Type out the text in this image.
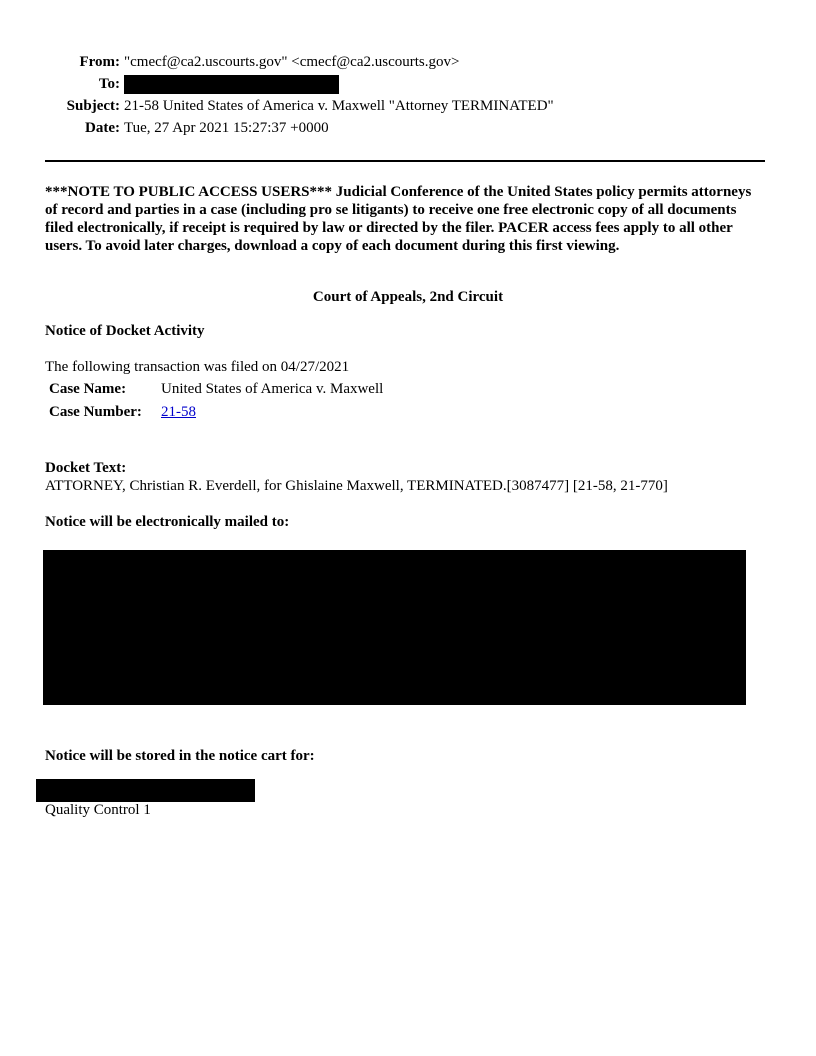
From: "cmecf@ca2.uscourts.gov" <cmecf@ca2.uscourts.gov>
To:
Subject: 21-58 United States of America v. Maxwell "Attorney TERMINATED"
Date: Tue, 27 Apr 2021 15:27:37 +0000
***NOTE TO PUBLIC ACCESS USERS*** Judicial Conference of the United States policy permits attorneys of record and parties in a case (including pro se litigants) to receive one free electronic copy of all documents filed electronically, if receipt is required by law or directed by the filer. PACER access fees apply to all other users. To avoid later charges, download a copy of each document during this first viewing.
Court of Appeals, 2nd Circuit
Notice of Docket Activity
The following transaction was filed on 04/27/2021
Case Name: United States of America v. Maxwell
Case Number: 21-58
Docket Text:
ATTORNEY, Christian R. Everdell, for Ghislaine Maxwell, TERMINATED.[3087477] [21-58, 21-770]
Notice will be electronically mailed to:
Notice will be stored in the notice cart for:
Quality Control 1
